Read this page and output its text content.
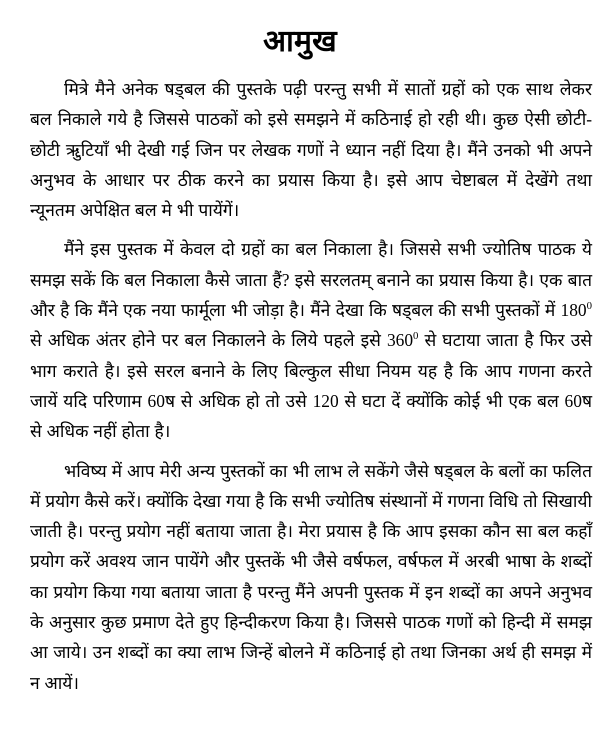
आमुख

मित्रे मैने अनेक षड्बल की पुस्तके पढ़ी परन्तु सभी में सातों ग्रहों को एक साथ लेकर बल निकाले गये है जिससे पाठकों को इसे समझने में कठिनाई हो रही थी। कुछ ऐसी छोटी-छोटी ऋुटियाँ भी देखी गई जिन पर लेखक गणों ने ध्यान नहीं दिया है। मैंने उनको भी अपने अनुभव के आधार पर ठीक करने का प्रयास किया है। इसे आप चेष्टाबल में देखेंगे तथा न्यूनतम अपेक्षित बल मे भी पायेंगें।

मैंने इस पुस्तक में केवल दो ग्रहों का बल निकाला है। जिससे सभी ज्योतिष पाठक ये समझ सकें कि बल निकाला कैसे जाता हैं? इसे सरलतम् बनाने का प्रयास किया है। एक बात और है कि मैंने एक नया फार्मूला भी जोड़ा है। मैंने देखा कि षड्बल की सभी पुस्तकों में $180^0$ से अधिक अंतर होने पर बल निकालने के लिये पहले इसे $360^0$ से घटाया जाता है फिर उसे भाग कराते है। इसे सरल बनाने के लिए बिल्कुल सीधा नियम यह है कि आप गणना करते जायें यदि परिणाम 60ष से अधिक हो तो उसे 120 से घटा दें क्योंकि कोई भी एक बल 60ष से अधिक नहीं होता है।

भविष्य में आप मेरी अन्य पुस्तकों का भी लाभ ले सकेंगे जैसे षड्बल के बलों का फलित में प्रयोग कैसे करें। क्योंकि देखा गया है कि सभी ज्योतिष संस्थानों में गणना विधि तो सिखायी जाती है। परन्तु प्रयोग नहीं बताया जाता है। मेरा प्रयास है कि आप इसका कौन सा बल कहाँ प्रयोग करें अवश्य जान पायेंगे और पुस्तकें भी जैसे वर्षफल, वर्षफल में अरबी भाषा के शब्दों का प्रयोग किया गया बताया जाता है परन्तु मैंने अपनी पुस्तक में इन शब्दों का अपने अनुभव के अनुसार कुछ प्रमाण देते हुए हिन्दीकरण किया है। जिससे पाठक गणों को हिन्दी में समझ आ जाये। उन शब्दों का क्या लाभ जिन्हें बोलने में कठिनाई हो तथा जिनका अर्थ ही समझ में न आयें।
